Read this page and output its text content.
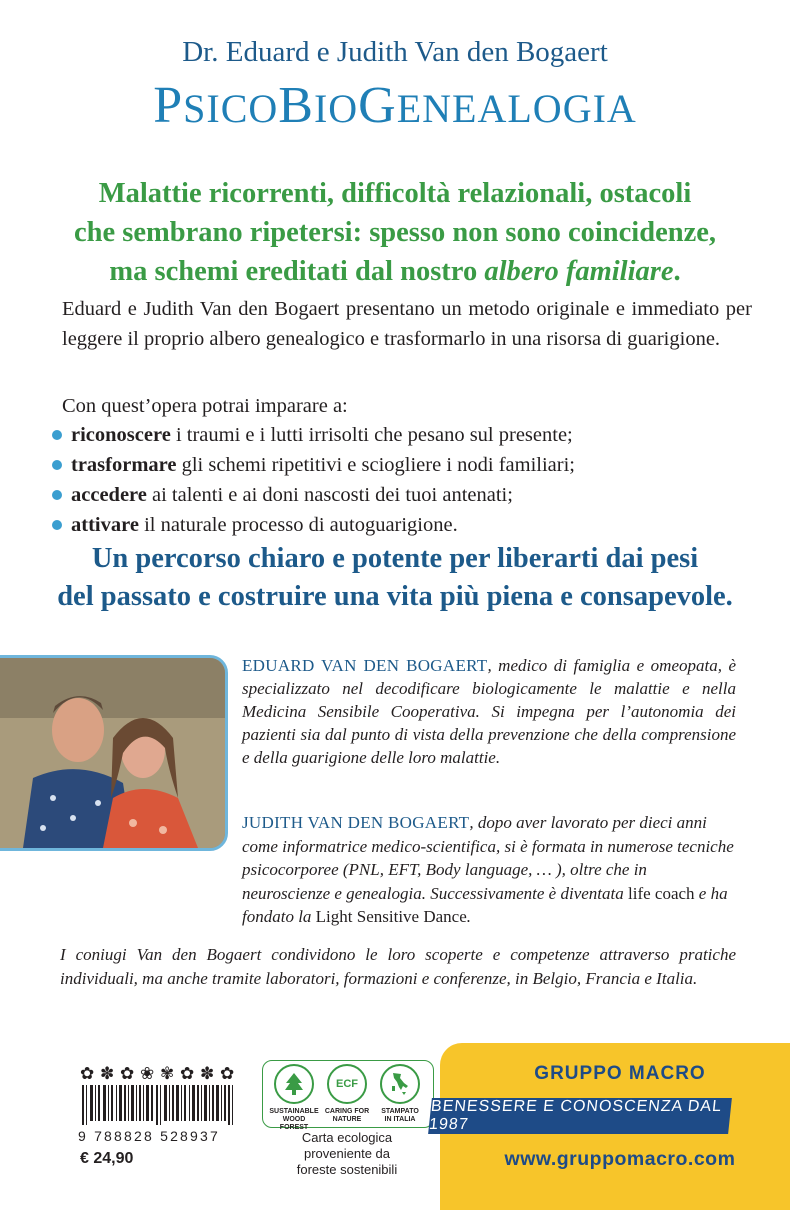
Dr. Eduard e Judith Van den Bogaert
PSICOBIOGENEALOGIA
Malattie ricorrenti, difficoltà relazionali, ostacoli
che sembrano ripetersi: spesso non sono coincidenze,
ma schemi ereditati dal nostro albero familiare.
Eduard e Judith Van den Bogaert presentano un metodo originale e immediato per leggere il proprio albero genealogico e trasformarlo in una risorsa di guarigione.
Con quest’opera potrai imparare a:
riconoscere i traumi e i lutti irrisolti che pesano sul presente;
trasformare gli schemi ripetitivi e sciogliere i nodi familiari;
accedere ai talenti e ai doni nascosti dei tuoi antenati;
attivare il naturale processo di autoguarigione.
Un percorso chiaro e potente per liberarti dai pesi
del passato e costruire una vita più piena e consapevole.
EDUARD VAN DEN BOGAERT, medico di famiglia e omeopata, è specializzato nel decodificare biologicamente le malattie e nella Medicina Sensibile Cooperativa. Si impegna per l’autonomia dei pazienti sia dal punto di vista della prevenzione che della comprensione e della guarigione delle loro malattie.
JUDITH VAN DEN BOGAERT, dopo aver lavorato per dieci anni come informatrice medico-scientifica, si è formata in numerose tecniche psicocorporee (PNL, EFT, Body language, … ), oltre che in neuroscienze e genealogia. Successivamente è diventata life coach e ha fondato la Light Sensitive Dance.
I coniugi Van den Bogaert condividono le loro scoperte e competenze attraverso pratiche individuali, ma anche tramite laboratori, formazioni e conferenze, in Belgio, Francia e Italia.
✿ ✽ ✿ ❀ ✾ ✿ ✽ ✿
9 788828 528937
€ 24,90
SUSTAINABLE
WOOD FOREST
ECF
CARING FOR
NATURE
STAMPATO
IN ITALIA
Carta ecologica
proveniente da
foreste sostenibili
GRUPPO MACRO
BENESSERE E CONOSCENZA DAL 1987
www.gruppomacro.com
